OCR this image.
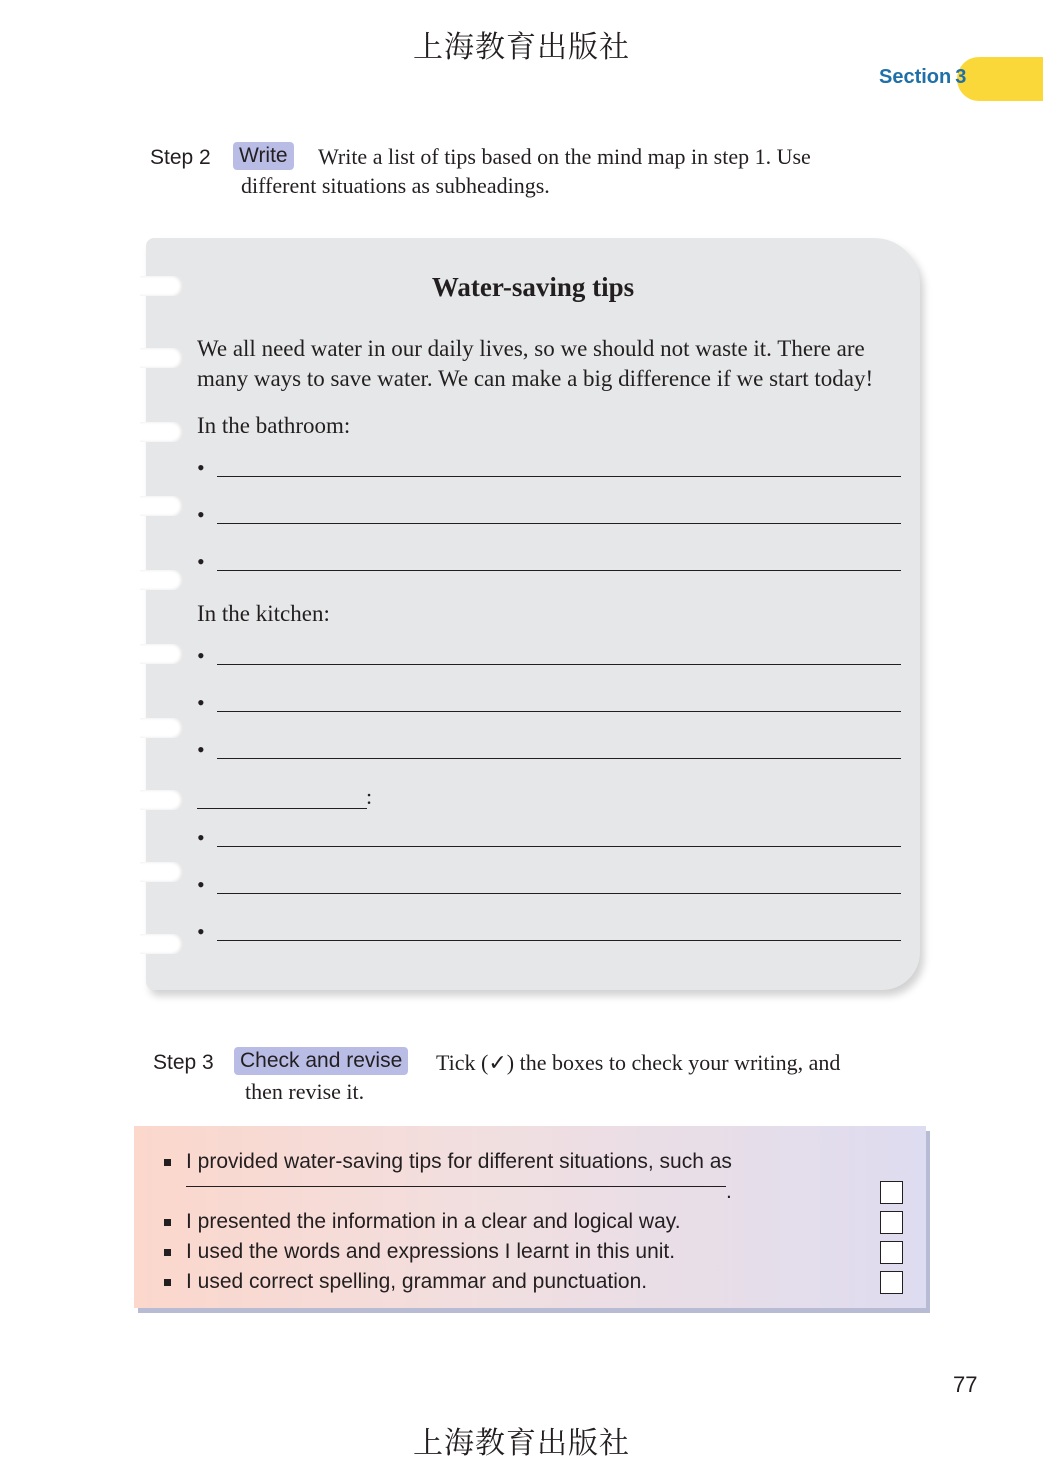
上海教育出版社
Section 3
Step 2 Write Write a list of tips based on the mind map in step 1. Use
different situations as subheadings.
Water-saving tips
We all need water in our daily lives, so we should not waste it. There are
many ways to save water. We can make a big difference if we start today!
In the bathroom:
•
•
•
In the kitchen:
•
•
•
:
•
•
•
Step 3 Check and revise Tick (✓) the boxes to check your writing, and
then revise it.
I provided water-saving tips for different situations, such as
.
I presented the information in a clear and logical way.
I used the words and expressions I learnt in this unit.
I used correct spelling, grammar and punctuation.
77
上海教育出版社
